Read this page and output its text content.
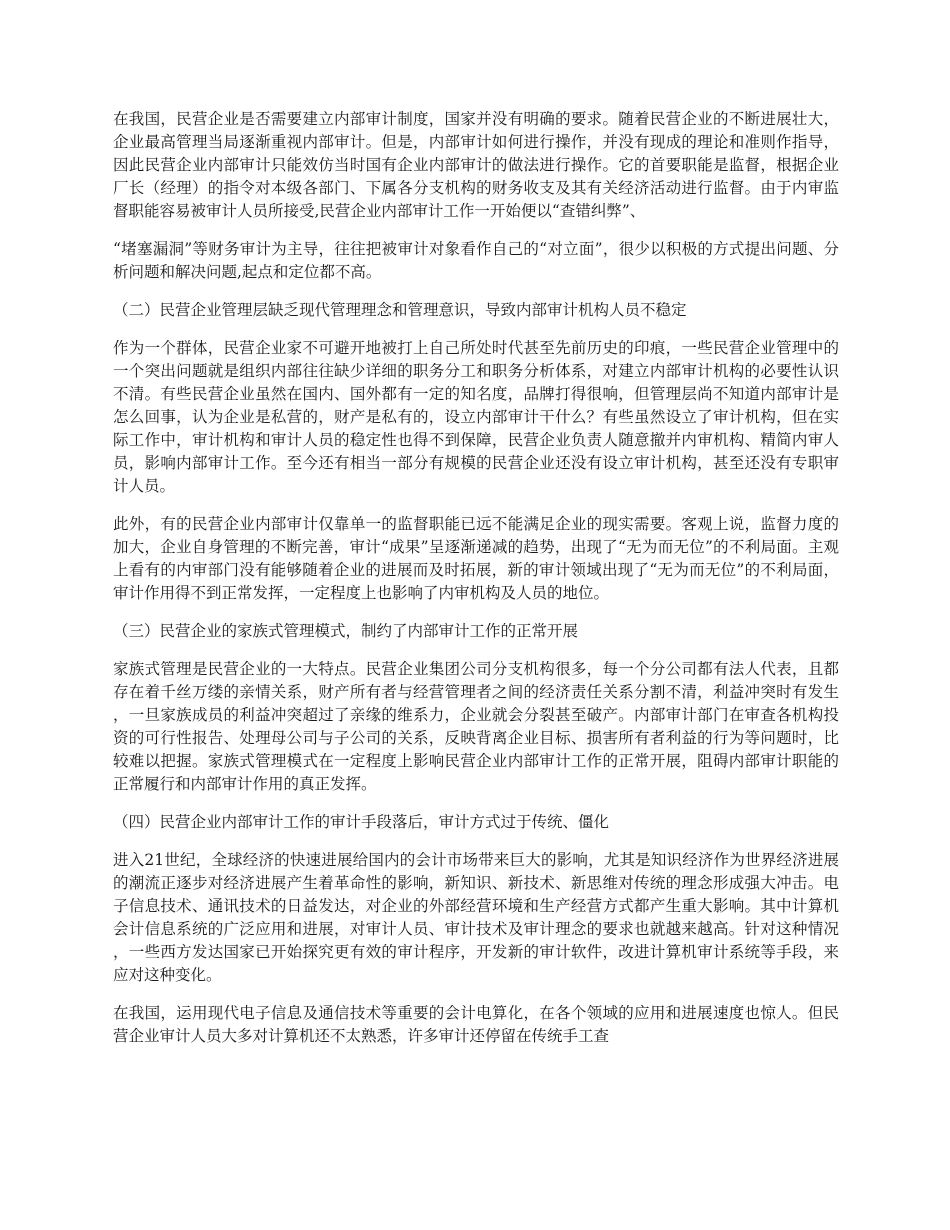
在我国，民营企业是否需要建立内部审计制度，国家并没有明确的要求。随着民营企业的不断进展壮大，企业最高管理当局逐渐重视内部审计。但是，内部审计如何进行操作，并没有现成的理论和准则作指导，因此民营企业内部审计只能效仿当时国有企业内部审计的做法进行操作。它的首要职能是监督，根据企业厂长（经理）的指令对本级各部门、下属各分支机构的财务收支及其有关经济活动进行监督。由于内审监督职能容易被审计人员所接受,民营企业内部审计工作一开始便以“查错纠弊”、

“堵塞漏洞”等财务审计为主导，往往把被审计对象看作自己的“对立面”，很少以积极的方式提出问题、分析问题和解决问题,起点和定位都不高。

（二）民营企业管理层缺乏现代管理理念和管理意识，导致内部审计机构人员不稳定

作为一个群体，民营企业家不可避开地被打上自己所处时代甚至先前历史的印痕，一些民营企业管理中的一个突出问题就是组织内部往往缺少详细的职务分工和职务分析体系，对建立内部审计机构的必要性认识不清。有些民营企业虽然在国内、国外都有一定的知名度，品牌打得很响，但管理层尚不知道内部审计是怎么回事，认为企业是私营的，财产是私有的，设立内部审计干什么？有些虽然设立了审计机构，但在实际工作中，审计机构和审计人员的稳定性也得不到保障，民营企业负责人随意撤并内审机构、精简内审人员，影响内部审计工作。至今还有相当一部分有规模的民营企业还没有设立审计机构，甚至还没有专职审计人员。

此外，有的民营企业内部审计仅靠单一的监督职能已远不能满足企业的现实需要。客观上说，监督力度的加大，企业自身管理的不断完善，审计“成果”呈逐渐递减的趋势，出现了“无为而无位”的不利局面。主观上看有的内审部门没有能够随着企业的进展而及时拓展，新的审计领域出现了“无为而无位”的不利局面，审计作用得不到正常发挥，一定程度上也影响了内审机构及人员的地位。

（三）民营企业的家族式管理模式，制约了内部审计工作的正常开展

家族式管理是民营企业的一大特点。民营企业集团公司分支机构很多，每一个分公司都有法人代表，且都存在着千丝万缕的亲情关系，财产所有者与经营管理者之间的经济责任关系分割不清，利益冲突时有发生，一旦家族成员的利益冲突超过了亲缘的维系力，企业就会分裂甚至破产。内部审计部门在审查各机构投资的可行性报告、处理母公司与子公司的关系，反映背离企业目标、损害所有者利益的行为等问题时，比较难以把握。家族式管理模式在一定程度上影响民营企业内部审计工作的正常开展，阻碍内部审计职能的正常履行和内部审计作用的真正发挥。

（四）民营企业内部审计工作的审计手段落后，审计方式过于传统、僵化

进入21世纪，全球经济的快速进展给国内的会计市场带来巨大的影响，尤其是知识经济作为世界经济进展的潮流正逐步对经济进展产生着革命性的影响，新知识、新技术、新思维对传统的理念形成强大冲击。电子信息技术、通讯技术的日益发达，对企业的外部经营环境和生产经营方式都产生重大影响。其中计算机会计信息系统的广泛应用和进展，对审计人员、审计技术及审计理念的要求也就越来越高。针对这种情况，一些西方发达国家已开始探究更有效的审计程序，开发新的审计软件，改进计算机审计系统等手段，来应对这种变化。

在我国，运用现代电子信息及通信技术等重要的会计电算化，在各个领域的应用和进展速度也惊人。但民营企业审计人员大多对计算机还不太熟悉，许多审计还停留在传统手工查
